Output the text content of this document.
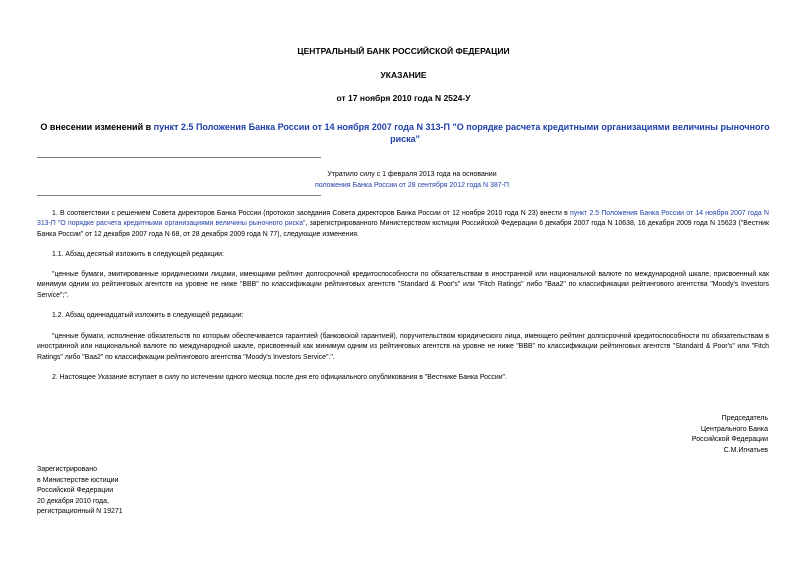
ЦЕНТРАЛЬНЫЙ БАНК РОССИЙСКОЙ ФЕДЕРАЦИИ
УКАЗАНИЕ
от 17 ноября 2010 года N 2524-У
О внесении изменений в пункт 2.5 Положения Банка России от 14 ноября 2007 года N 313-П "О порядке расчета кредитными организациями величины рыночного риска"
Утратило силу с 1 февраля 2013 года на основании
положения Банка России от 28 сентября 2012 года N 387-П

1. В соответствии с решением Совета директоров Банка России (протокол заседания Совета директоров Банка России от 12 ноября 2010 года N 23) внести в пункт 2.5 Положения Банка России от 14 ноября 2007 года N 313-П "О порядке расчета кредитными организациями величины рыночного риска", зарегистрированного Министерством юстиции Российской Федерации 6 декабря 2007 года N 10638, 16 декабря 2009 года N 15623 ("Вестник Банка России" от 12 декабря 2007 года N 68, от 28 декабря 2009 года N 77), следующие изменения.

1.1. Абзац десятый изложить в следующей редакции:

"ценные бумаги, эмитированные юридическими лицами, имеющими рейтинг долгосрочной кредитоспособности по обязательствам в иностранной или национальной валюте по международной шкале, присвоенный как минимум одним из рейтинговых агентств на уровне не ниже "BBB" по классификации рейтинговых агентств "Standard & Poor's" или "Fitch Ratings" либо "Baa2" по классификации рейтингового агентства "Moody's Investors Service";".

1.2. Абзац одиннадцатый изложить в следующей редакции:

"ценные бумаги, исполнение обязательств по которым обеспечивается гарантией (банковской гарантией), поручительством юридического лица, имеющего рейтинг долгосрочной кредитоспособности по обязательствам в иностранной или национальной валюте по международной шкале, присвоенный как минимум одним из рейтинговых агентств на уровне не ниже "BBB" по классификации рейтинговых агентств "Standard & Poor's" или "Fitch Ratings" либо "Baa2" по классификации рейтингового агентства "Moody's Investors Service".".

2. Настоящее Указание вступает в силу по истечении одного месяца после дня его официального опубликования в "Вестнике Банка России".

Председатель
Центрального Банка
Российской Федерации
С.М.Игнатьев
Зарегистрировано
в Министерстве юстиции
Российской Федерации
20 декабря 2010 года,
регистрационный N 19271
